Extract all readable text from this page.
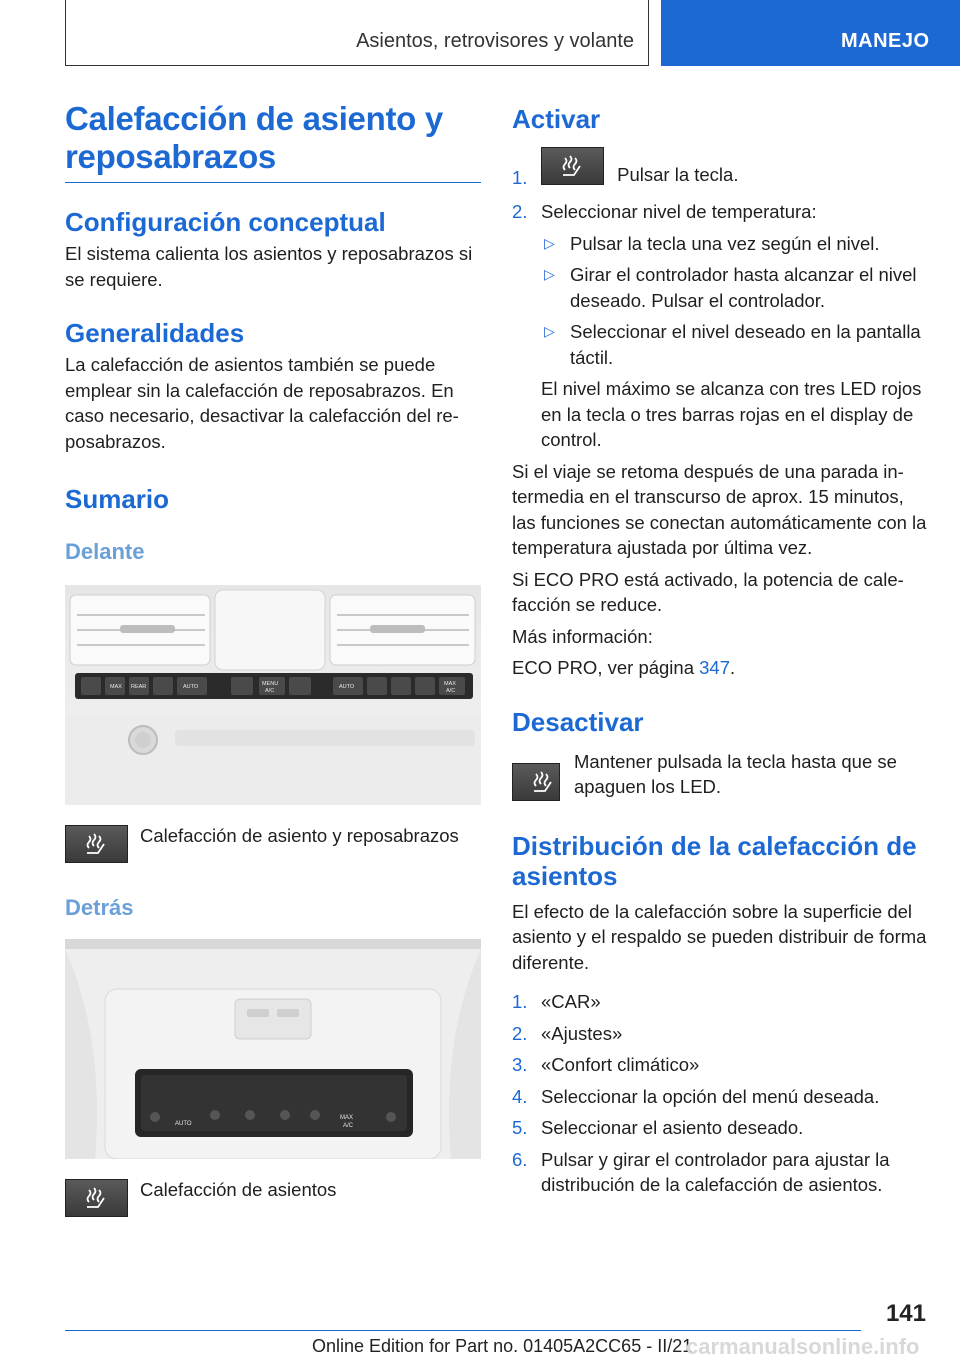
Asientos, retrovisores y volante	MANEJO
Calefacción de asiento y reposabrazos
Configuración conceptual

El sistema calienta los asientos y reposabrazos si se requiere.

Generalidades

La calefacción de asientos también se puede emplear sin la calefacción de reposabrazos. En caso necesario, desactivar la calefacción del re-posabrazos.

Sumario
Delante
MAX REAR	AUTO	MENU
A/C
AUTO	MAX
A/C

Calefacción de asiento y reposabrazos

Detrás
AUTO
MAX
A/C

Calefacción de asientos

Activar
1.	Pulsar la tecla.
2. Seleccionar nivel de temperatura:
▷ Pulsar la tecla una vez según el nivel.
▷ Girar el controlador hasta alcanzar el nivel deseado. Pulsar el controlador.
▷ Seleccionar el nivel deseado en la pantalla táctil.

El nivel máximo se alcanza con tres LED rojos en la tecla o tres barras rojas en el display de control.

Si el viaje se retoma después de una parada in-termedia en el transcurso de aprox. 15 minutos, las funciones se conectan automáticamente con la temperatura ajustada por última vez.

Si ECO PRO está activado, la potencia de cale-facción se reduce.

Más información:

ECO PRO, ver página 347.

Desactivar

Mantener pulsada la tecla hasta que se apaguen los LED.

Distribución de la calefacción de asientos

El efecto de la calefacción sobre la superficie del asiento y el respaldo se pueden distribuir de forma diferente.

1. «CAR»
2. «Ajustes»
3. «Confort climático»
4. Seleccionar la opción del menú deseada.
5. Seleccionar el asiento deseado.
6. Pulsar y girar el controlador para ajustar la distribución de la calefacción de asientos.
141
Online Edition for Part no. 01405A2CC65 - II/21
carmanualsonline.info
